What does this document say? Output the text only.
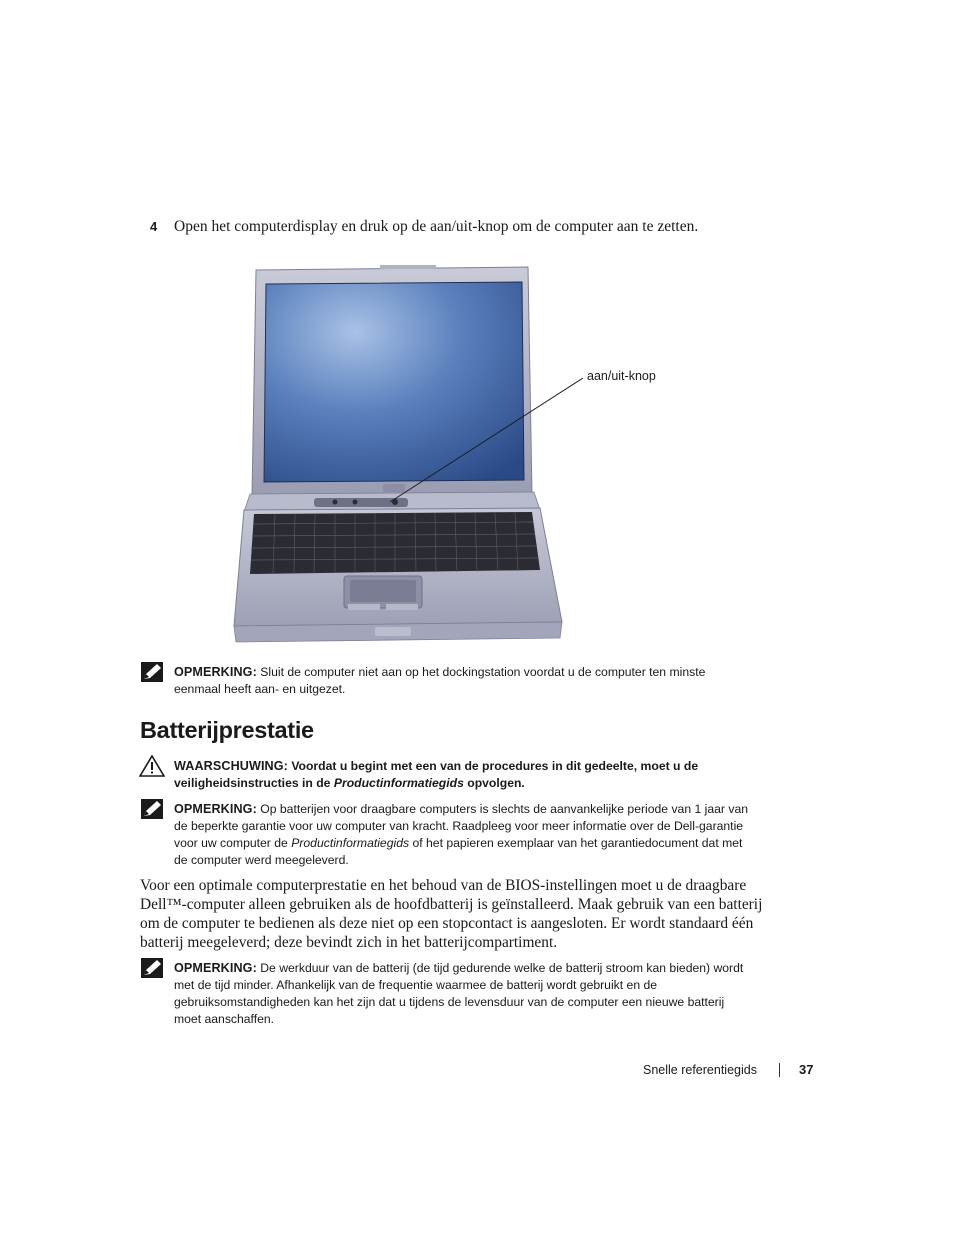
4 Open het computerdisplay en druk op de aan/uit-knop om de computer aan te zetten.
aan/uit-knop
OPMERKING: Sluit de computer niet aan op het dockingstation voordat u de computer ten minste eenmaal heeft aan- en uitgezet.
Batterijprestatie
WAARSCHUWING: Voordat u begint met een van de procedures in dit gedeelte, moet u de veiligheidsinstructies in de Productinformatiegids opvolgen.
OPMERKING: Op batterijen voor draagbare computers is slechts de aanvankelijke periode van 1 jaar van de beperkte garantie voor uw computer van kracht. Raadpleeg voor meer informatie over de Dell-garantie voor uw computer de Productinformatiegids of het papieren exemplaar van het garantiedocument dat met de computer werd meegeleverd.
Voor een optimale computerprestatie en het behoud van de BIOS-instellingen moet u de draagbare Dell™-computer alleen gebruiken als de hoofdbatterij is geïnstalleerd. Maak gebruik van een batterij om de computer te bedienen als deze niet op een stopcontact is aangesloten. Er wordt standaard één batterij meegeleverd; deze bevindt zich in het batterijcompartiment.
OPMERKING: De werkduur van de batterij (de tijd gedurende welke de batterij stroom kan bieden) wordt met de tijd minder. Afhankelijk van de frequentie waarmee de batterij wordt gebruikt en de gebruiksomstandigheden kan het zijn dat u tijdens de levensduur van de computer een nieuwe batterij moet aanschaffen.
Snelle referentiegids	37
